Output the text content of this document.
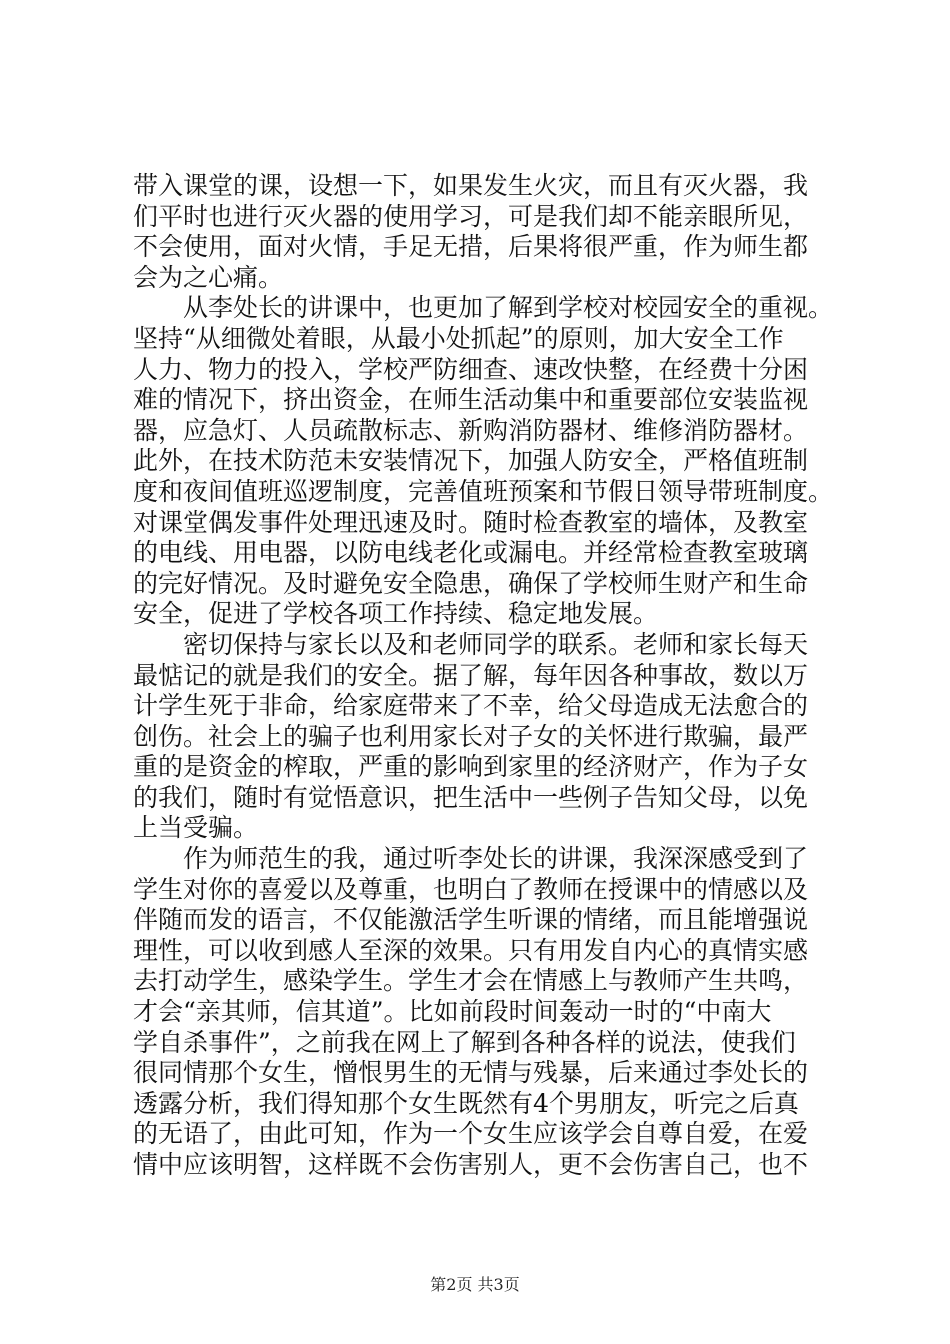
带入课堂的课，设想一下，如果发生火灾，而且有灭火器，我
们平时也进行灭火器的使用学习，可是我们却不能亲眼所见，
不会使用，面对火情，手足无措，后果将很严重，作为师生都
会为之心痛。
从李处长的讲课中，也更加了解到学校对校园安全的重视。
坚持“从细微处着眼，从最小处抓起”的原则，加大安全工作
人力、物力的投入，学校严防细查、速改快整，在经费十分困
难的情况下，挤出资金，在师生活动集中和重要部位安装监视
器，应急灯、人员疏散标志、新购消防器材、维修消防器材。
此外，在技术防范未安装情况下，加强人防安全，严格值班制
度和夜间值班巡逻制度，完善值班预案和节假日领导带班制度。
对课堂偶发事件处理迅速及时。随时检查教室的墙体，及教室
的电线、用电器，以防电线老化或漏电。并经常检查教室玻璃
的完好情况。及时避免安全隐患，确保了学校师生财产和生命
安全，促进了学校各项工作持续、稳定地发展。
密切保持与家长以及和老师同学的联系。老师和家长每天
最惦记的就是我们的安全。据了解，每年因各种事故，数以万
计学生死于非命，给家庭带来了不幸，给父母造成无法愈合的
创伤。社会上的骗子也利用家长对子女的关怀进行欺骗，最严
重的是资金的榨取，严重的影响到家里的经济财产，作为子女
的我们，随时有觉悟意识，把生活中一些例子告知父母，以免
上当受骗。
作为师范生的我，通过听李处长的讲课，我深深感受到了
学生对你的喜爱以及尊重，也明白了教师在授课中的情感以及
伴随而发的语言，不仅能激活学生听课的情绪，而且能增强说
理性，可以收到感人至深的效果。只有用发自内心的真情实感
去打动学生，感染学生。学生才会在情感上与教师产生共鸣，
才会“亲其师，信其道”。比如前段时间轰动一时的“中南大
学自杀事件”，之前我在网上了解到各种各样的说法，使我们
很同情那个女生，憎恨男生的无情与残暴，后来通过李处长的
透露分析，我们得知那个女生既然有4个男朋友，听完之后真
的无语了，由此可知，作为一个女生应该学会自尊自爱，在爱
情中应该明智，这样既不会伤害别人，更不会伤害自己，也不
第2页 共3页
